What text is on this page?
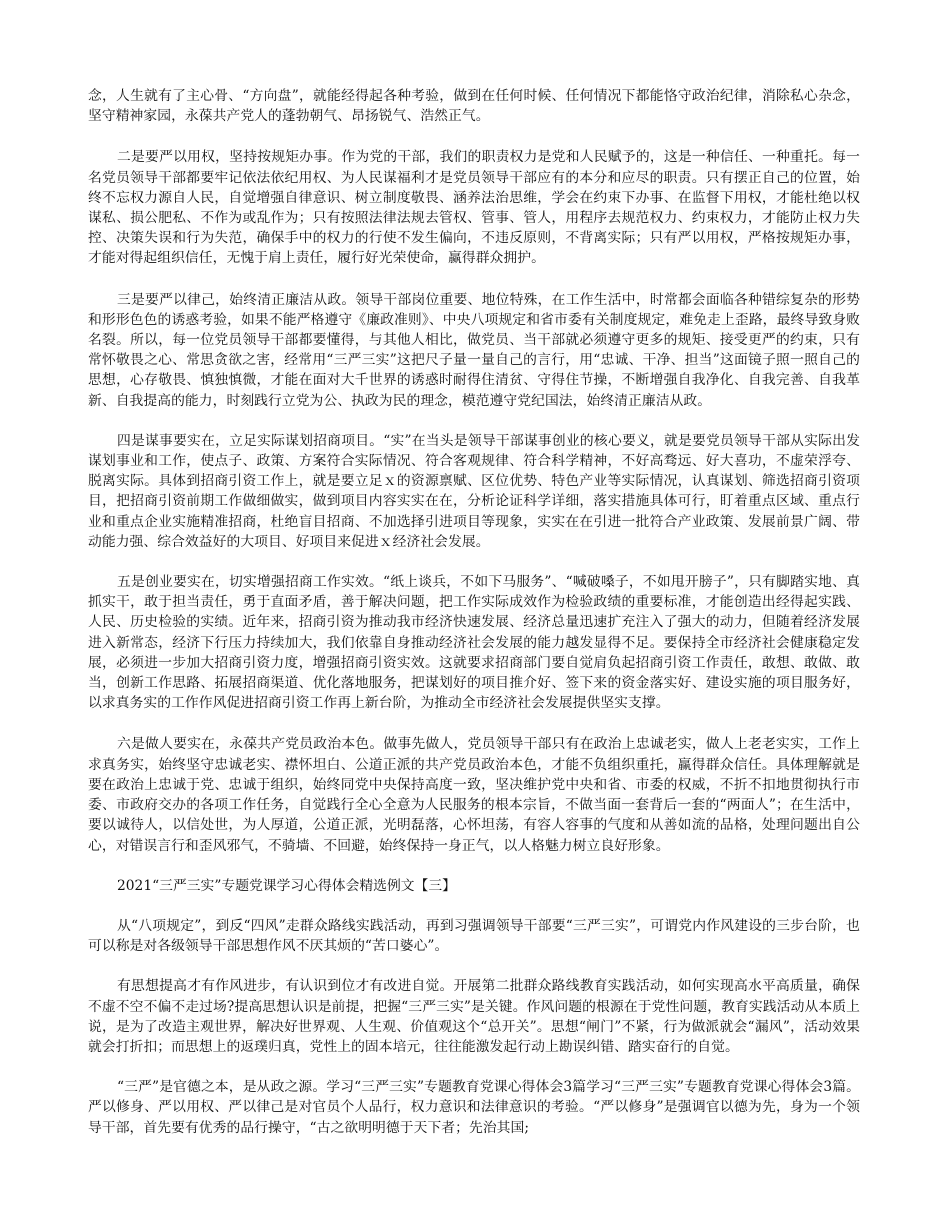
念，人生就有了主心骨、“方向盘”，就能经得起各种考验，做到在任何时候、任何情况下都能恪守政治纪律，消除私心杂念，坚守精神家园，永葆共产党人的蓬勃朝气、昂扬锐气、浩然正气。

二是要严以用权，坚持按规矩办事。作为党的干部，我们的职责权力是党和人民赋予的，这是一种信任、一种重托。每一名党员领导干部都要牢记依法依纪用权、为人民谋福利才是党员领导干部应有的本分和应尽的职责。只有摆正自己的位置，始终不忘权力源自人民，自觉增强自律意识、树立制度敬畏、涵养法治思维，学会在约束下办事、在监督下用权，才能杜绝以权谋私、损公肥私、不作为或乱作为；只有按照法律法规去管权、管事、管人，用程序去规范权力、约束权力，才能防止权力失控、决策失误和行为失范，确保手中的权力的行使不发生偏向，不违反原则，不背离实际；只有严以用权，严格按规矩办事，才能对得起组织信任，无愧于肩上责任，履行好光荣使命，赢得群众拥护。

三是要严以律己，始终清正廉洁从政。领导干部岗位重要、地位特殊，在工作生活中，时常都会面临各种错综复杂的形势和形形色色的诱惑考验，如果不能严格遵守《廉政准则》、中央八项规定和省市委有关制度规定，难免走上歪路，最终导致身败名裂。所以，每一位党员领导干部都要懂得，与其他人相比，做党员、当干部就必须遵守更多的规矩、接受更严的约束，只有常怀敬畏之心、常思贪欲之害，经常用“三严三实”这把尺子量一量自己的言行，用“忠诚、干净、担当”这面镜子照一照自己的思想，心存敬畏、慎独慎微，才能在面对大千世界的诱惑时耐得住清贫、守得住节操，不断增强自我净化、自我完善、自我革新、自我提高的能力，时刻践行立党为公、执政为民的理念，模范遵守党纪国法，始终清正廉洁从政。

四是谋事要实在，立足实际谋划招商项目。“实”在当头是领导干部谋事创业的核心要义，就是要党员领导干部从实际出发谋划事业和工作，使点子、政策、方案符合实际情况、符合客观规律、符合科学精神，不好高骛远、好大喜功，不虚荣浮夸、脱离实际。具体到招商引资工作上，就是要立足ｘ的资源禀赋、区位优势、特色产业等实际情况，认真谋划、筛选招商引资项目，把招商引资前期工作做细做实，做到项目内容实实在在，分析论证科学详细，落实措施具体可行，盯着重点区域、重点行业和重点企业实施精准招商，杜绝盲目招商、不加选择引进项目等现象，实实在在引进一批符合产业政策、发展前景广阔、带动能力强、综合效益好的大项目、好项目来促进ｘ经济社会发展。

五是创业要实在，切实增强招商工作实效。“纸上谈兵，不如下马服务”、“喊破嗓子，不如甩开膀子”，只有脚踏实地、真抓实干，敢于担当责任，勇于直面矛盾，善于解决问题，把工作实际成效作为检验政绩的重要标准，才能创造出经得起实践、人民、历史检验的实绩。近年来，招商引资为推动我市经济快速发展、经济总量迅速扩充注入了强大的动力，但随着经济发展进入新常态，经济下行压力持续加大，我们依靠自身推动经济社会发展的能力越发显得不足。要保持全市经济社会健康稳定发展，必须进一步加大招商引资力度，增强招商引资实效。这就要求招商部门要自觉肩负起招商引资工作责任，敢想、敢做、敢当，创新工作思路、拓展招商渠道、优化落地服务，把谋划好的项目推介好、签下来的资金落实好、建设实施的项目服务好，以求真务实的工作作风促进招商引资工作再上新台阶，为推动全市经济社会发展提供坚实支撑。

六是做人要实在，永葆共产党员政治本色。做事先做人，党员领导干部只有在政治上忠诚老实，做人上老老实实，工作上求真务实，始终坚守忠诚老实、襟怀坦白、公道正派的共产党员政治本色，才能不负组织重托，赢得群众信任。具体理解就是要在政治上忠诚于党、忠诚于组织，始终同党中央保持高度一致，坚决维护党中央和省、市委的权威，不折不扣地贯彻执行市委、市政府交办的各项工作任务，自觉践行全心全意为人民服务的根本宗旨，不做当面一套背后一套的“两面人”；在生活中，要以诚待人，以信处世，为人厚道，公道正派，光明磊落，心怀坦荡，有容人容事的气度和从善如流的品格，处理问题出自公心，对错误言行和歪风邪气，不骑墙、不回避，始终保持一身正气，以人格魅力树立良好形象。

2021“三严三实”专题党课学习心得体会精选例文【三】

从“八项规定”，到反“四风”走群众路线实践活动，再到习强调领导干部要“三严三实”，可谓党内作风建设的三步台阶，也可以称是对各级领导干部思想作风不厌其烦的“苦口婆心”。

有思想提高才有作风进步，有认识到位才有改进自觉。开展第二批群众路线教育实践活动，如何实现高水平高质量，确保不虚不空不偏不走过场?提高思想认识是前提，把握“三严三实”是关键。作风问题的根源在于党性问题，教育实践活动从本质上说，是为了改造主观世界，解决好世界观、人生观、价值观这个“总开关”。思想“闸门”不紧，行为做派就会“漏风”，活动效果就会打折扣；而思想上的返璞归真，党性上的固本培元，往往能激发起行动上勘误纠错、踏实奋行的自觉。

“三严”是官德之本，是从政之源。学习“三严三实”专题教育党课心得体会3篇学习“三严三实”专题教育党课心得体会3篇。严以修身、严以用权、严以律己是对官员个人品行，权力意识和法律意识的考验。“严以修身”是强调官以德为先，身为一个领导干部，首先要有优秀的品行操守，“古之欲明明德于天下者；先治其国;
